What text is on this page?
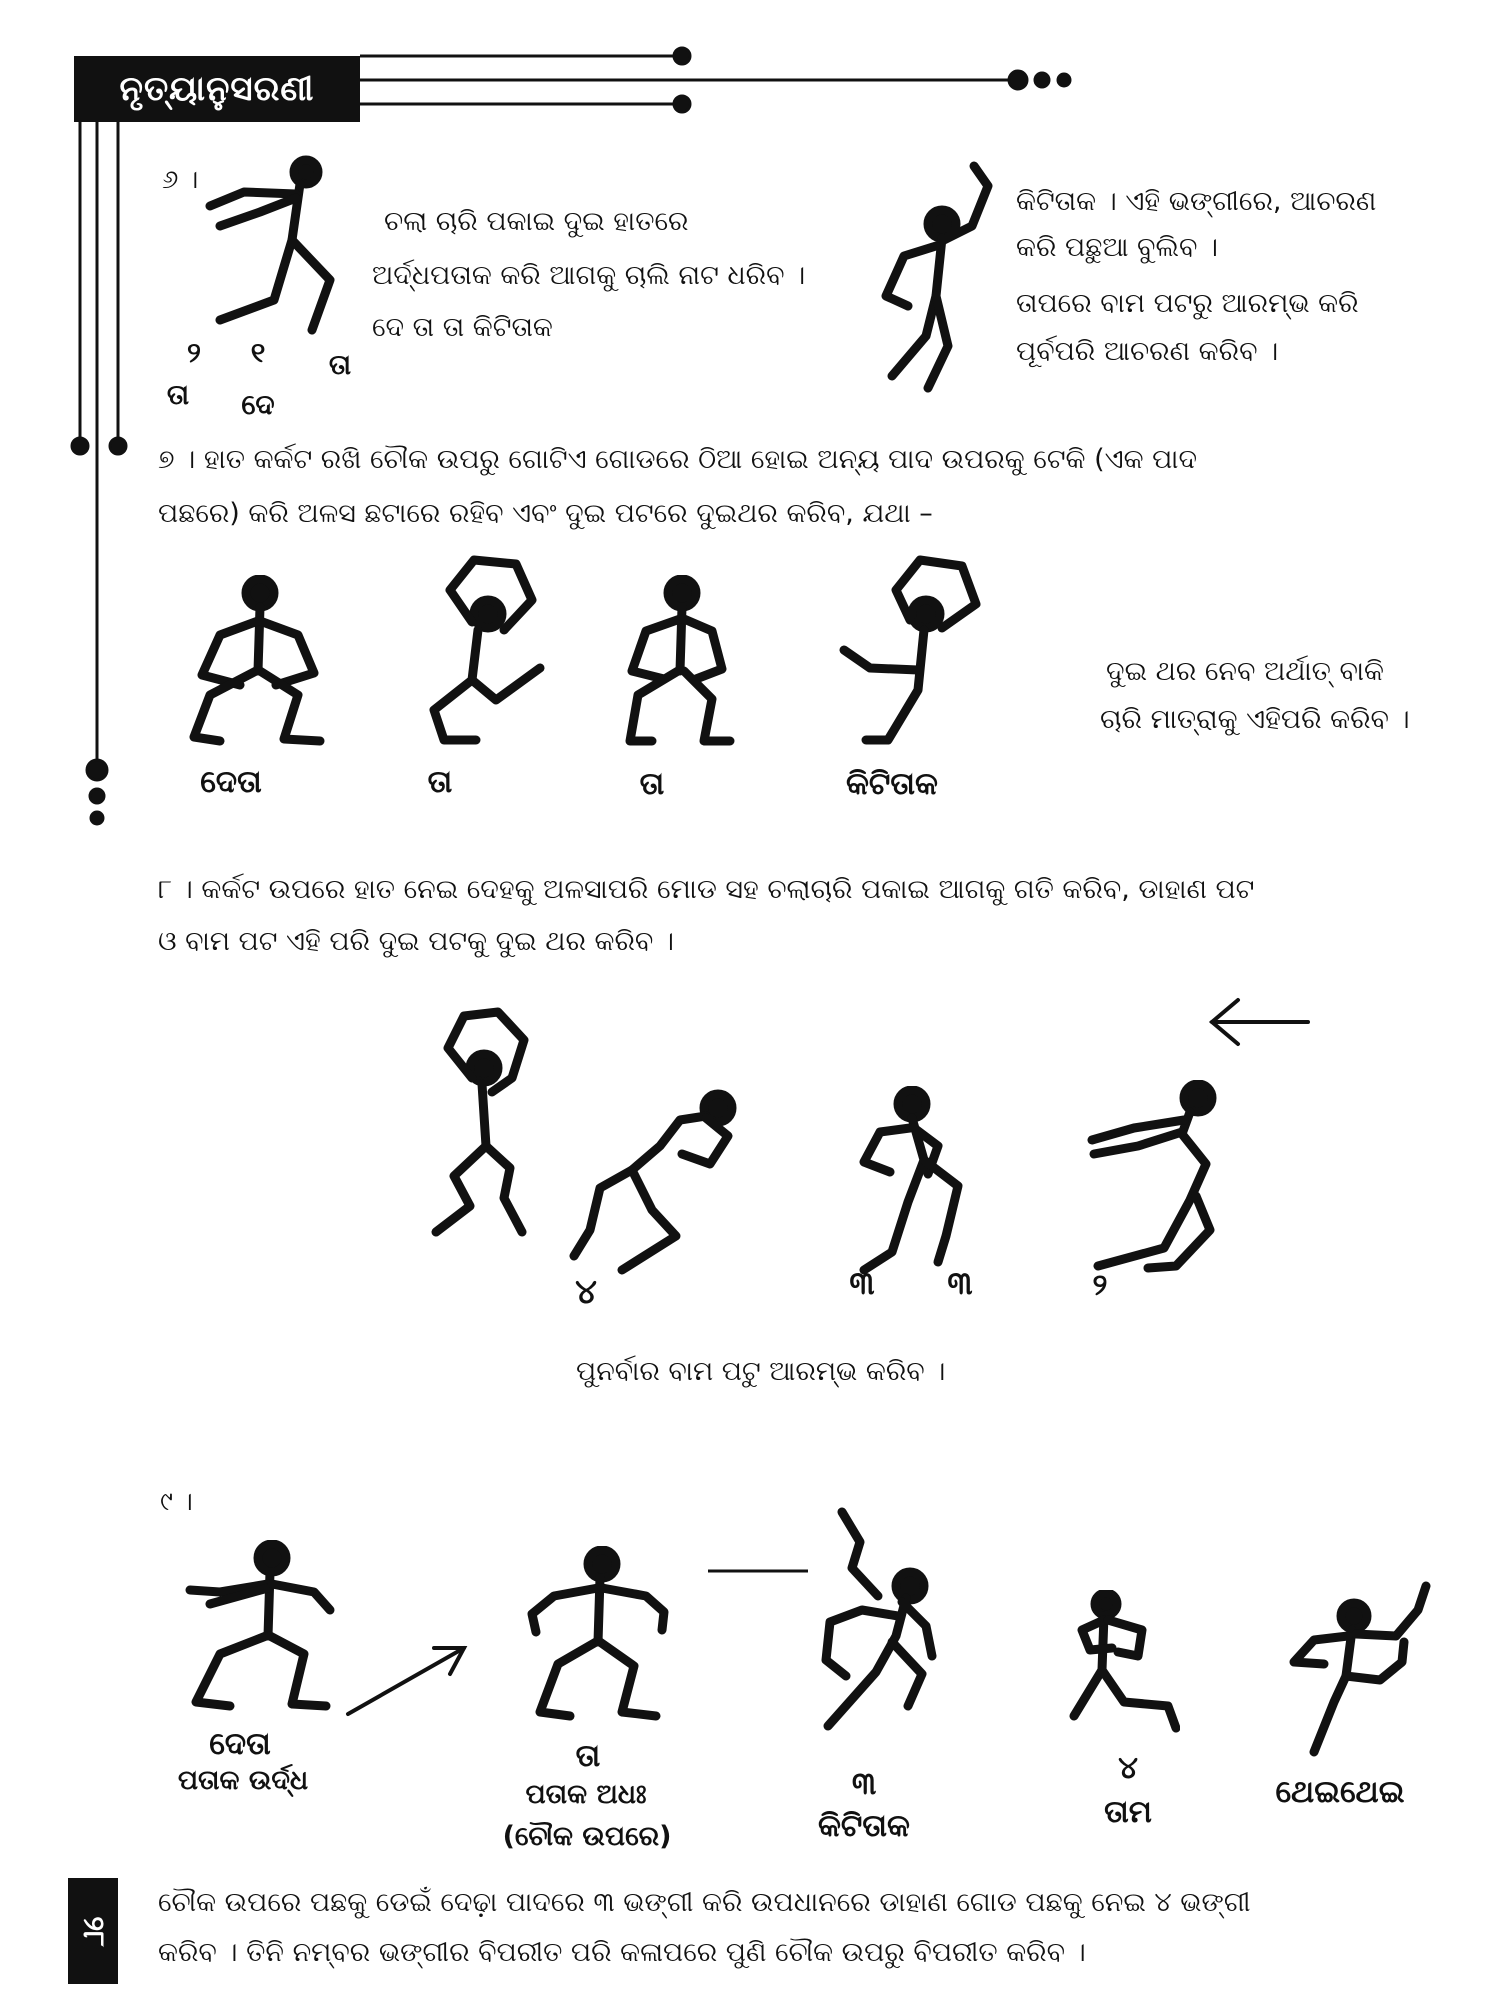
ନୃତ୍ୟାନୁସରଣୀ
୬ ।
୨	୧	ତା
ତା	ଦେ
ଚଲା ଚାରି ପକାଇ ଦୁଇ ହାତରେ
ଅର୍ଦ୍ଧପତାକ କରି ଆଗକୁ ଚାଲି ନାଟ ଧରିବ ।
ଦେ ତା ତା କିଟିତାକ
କିଟିତାକ । ଏହି ଭଙ୍ଗୀରେ, ଆଚରଣ
କରି ପଛୁଆ ବୁଲିବ ।
ତାପରେ ବାମ ପଟରୁ ଆରମ୍ଭ କରି
ପୂର୍ବପରି ଆଚରଣ କରିବ ।
୭ । ହାତ କର୍କଟ ରଖି ଚୌକ ଉପରୁ ଗୋଟିଏ ଗୋଡରେ ଠିଆ ହୋଇ ଅନ୍ୟ ପାଦ ଉପରକୁ ଟେକି (ଏକ ପାଦ
ପଛରେ) କରି ଅଳସ ଛଟାରେ ରହିବ ଏବଂ ଦୁଇ ପଟରେ ଦୁଇଥର କରିବ, ଯଥା –
ଦେତା	ତା	ତା	କିଟିତାକ
ଦୁଇ ଥର ନେବ ଅର୍ଥାତ୍ ବାକି
ଚାରି ମାତ୍ରାକୁ ଏହିପରି କରିବ ।
୮ । କର୍କଟ ଉପରେ ହାତ ନେଇ ଦେହକୁ ଅଳସାପରି ମୋଡ ସହ ଚଲାଚାରି ପକାଇ ଆଗକୁ ଗତି କରିବ, ଡାହାଣ ପଟ
ଓ ବାମ ପଟ ଏହି ପରି ଦୁଇ ପଟକୁ ଦୁଇ ଥର କରିବ ।
୪	୩ ୩	୨
ପୁନର୍ବାର ବାମ ପଟୁ ଆରମ୍ଭ କରିବ ।
୯ ।
ଦେତା
ପତାକ ଉର୍ଦ୍ଧ
ତା
ପତାକ ଅଧଃ
(ଚୌକ ଉପରେ)
୩
କିଟିତାକ
୪
ତାମ
ଥେଇଥେଇ
୨୮
ଚୌକ ଉପରେ ପଛକୁ ଡେଇଁ ଦେଢ଼ା ପାଦରେ ୩ ଭଙ୍ଗୀ କରି ଉପଧାନରେ ଡାହାଣ ଗୋଡ ପଛକୁ ନେଇ ୪ ଭଙ୍ଗୀ
କରିବ । ତିନି ନମ୍ବର ଭଙ୍ଗୀର ବିପରୀତ ପରି କଳାପରେ ପୁଣି ଚୌକ ଉପରୁ ବିପରୀତ କରିବ ।
